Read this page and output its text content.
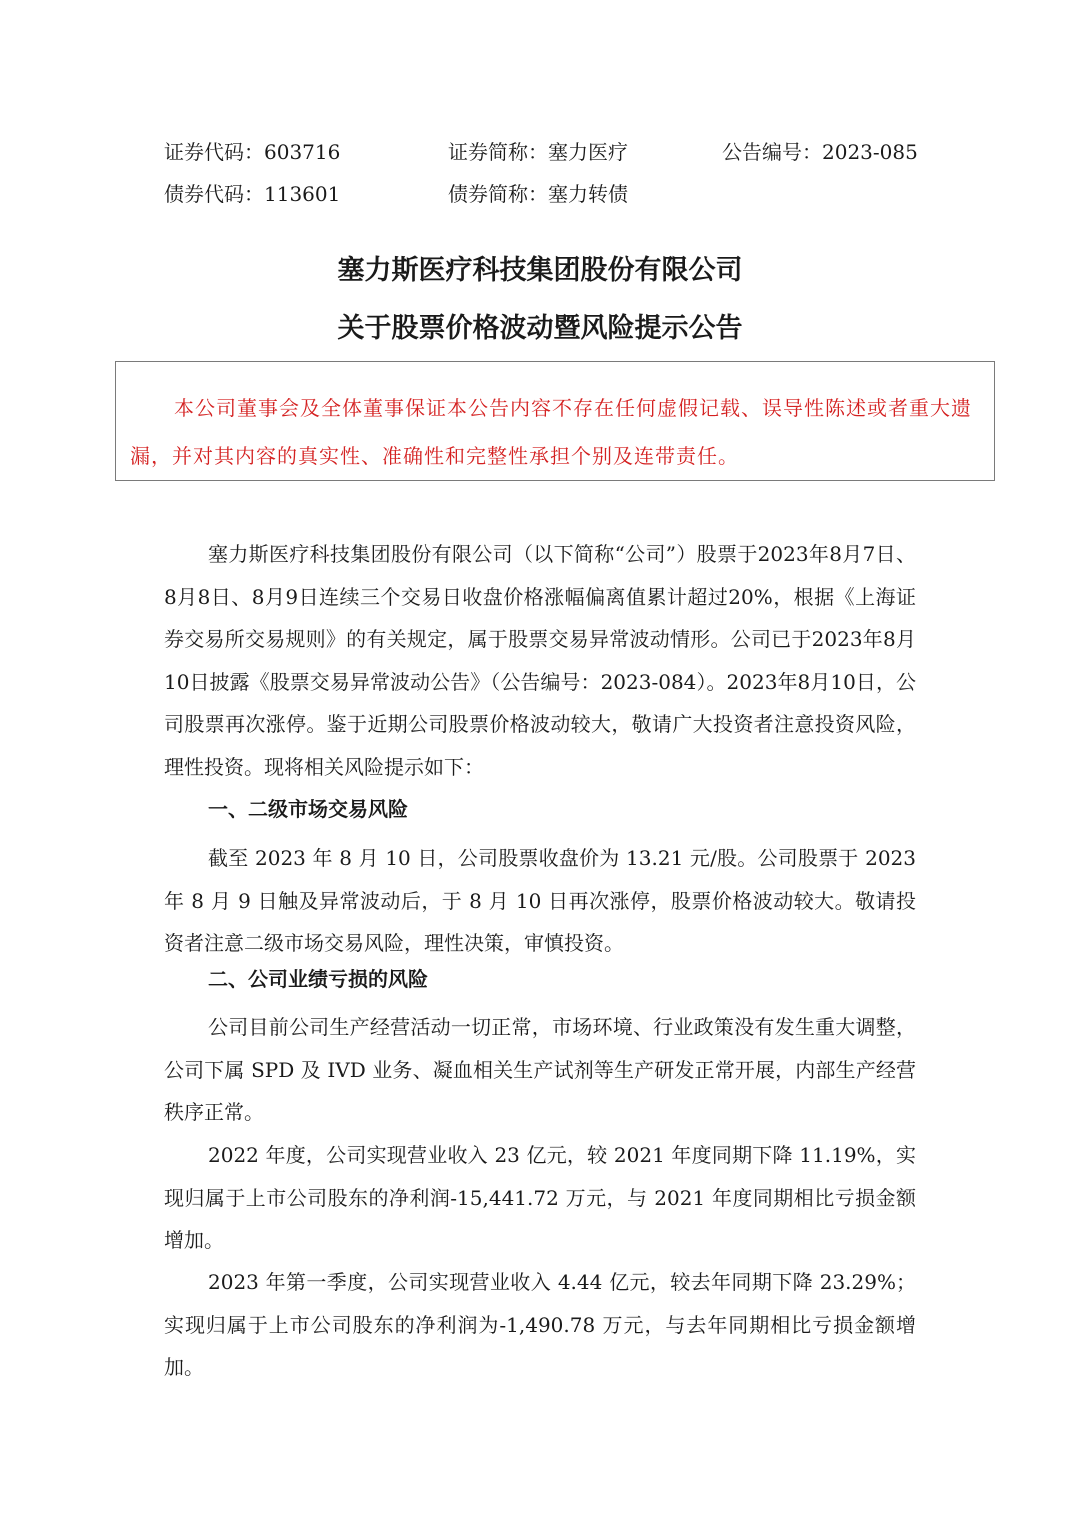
证券代码：603716	证券简称：塞力医疗	公告编号：2023-085
债券代码：113601	债券简称：塞力转债
塞力斯医疗科技集团股份有限公司
关于股票价格波动暨风险提示公告

本公司董事会及全体董事保证本公告内容不存在任何虚假记载、误导性陈述或者重大遗漏，并对其内容的真实性、准确性和完整性承担个别及连带责任。

塞力斯医疗科技集团股份有限公司（以下简称“公司”）股票于2023年8月7日、8月8日、8月9日连续三个交易日收盘价格涨幅偏离值累计超过20%，根据《上海证券交易所交易规则》的有关规定，属于股票交易异常波动情形。公司已于2023年8月10日披露《股票交易异常波动公告》（公告编号：2023-084）。2023年8月10日，公司股票再次涨停。鉴于近期公司股票价格波动较大，敬请广大投资者注意投资风险，理性投资。现将相关风险提示如下：

一、二级市场交易风险

截至 2023 年 8 月 10 日，公司股票收盘价为 13.21 元/股。公司股票于 2023 年 8 月 9 日触及异常波动后，于 8 月 10 日再次涨停，股票价格波动较大。敬请投资者注意二级市场交易风险，理性决策，审慎投资。

二、公司业绩亏损的风险

公司目前公司生产经营活动一切正常，市场环境、行业政策没有发生重大调整，公司下属 SPD 及 IVD 业务、凝血相关生产试剂等生产研发正常开展，内部生产经营秩序正常。

2022 年度，公司实现营业收入 23 亿元，较 2021 年度同期下降 11.19%，实现归属于上市公司股东的净利润-15,441.72 万元，与 2021 年度同期相比亏损金额增加。

2023 年第一季度，公司实现营业收入 4.44 亿元，较去年同期下降 23.29%；实现归属于上市公司股东的净利润为-1,490.78 万元，与去年同期相比亏损金额增加。
